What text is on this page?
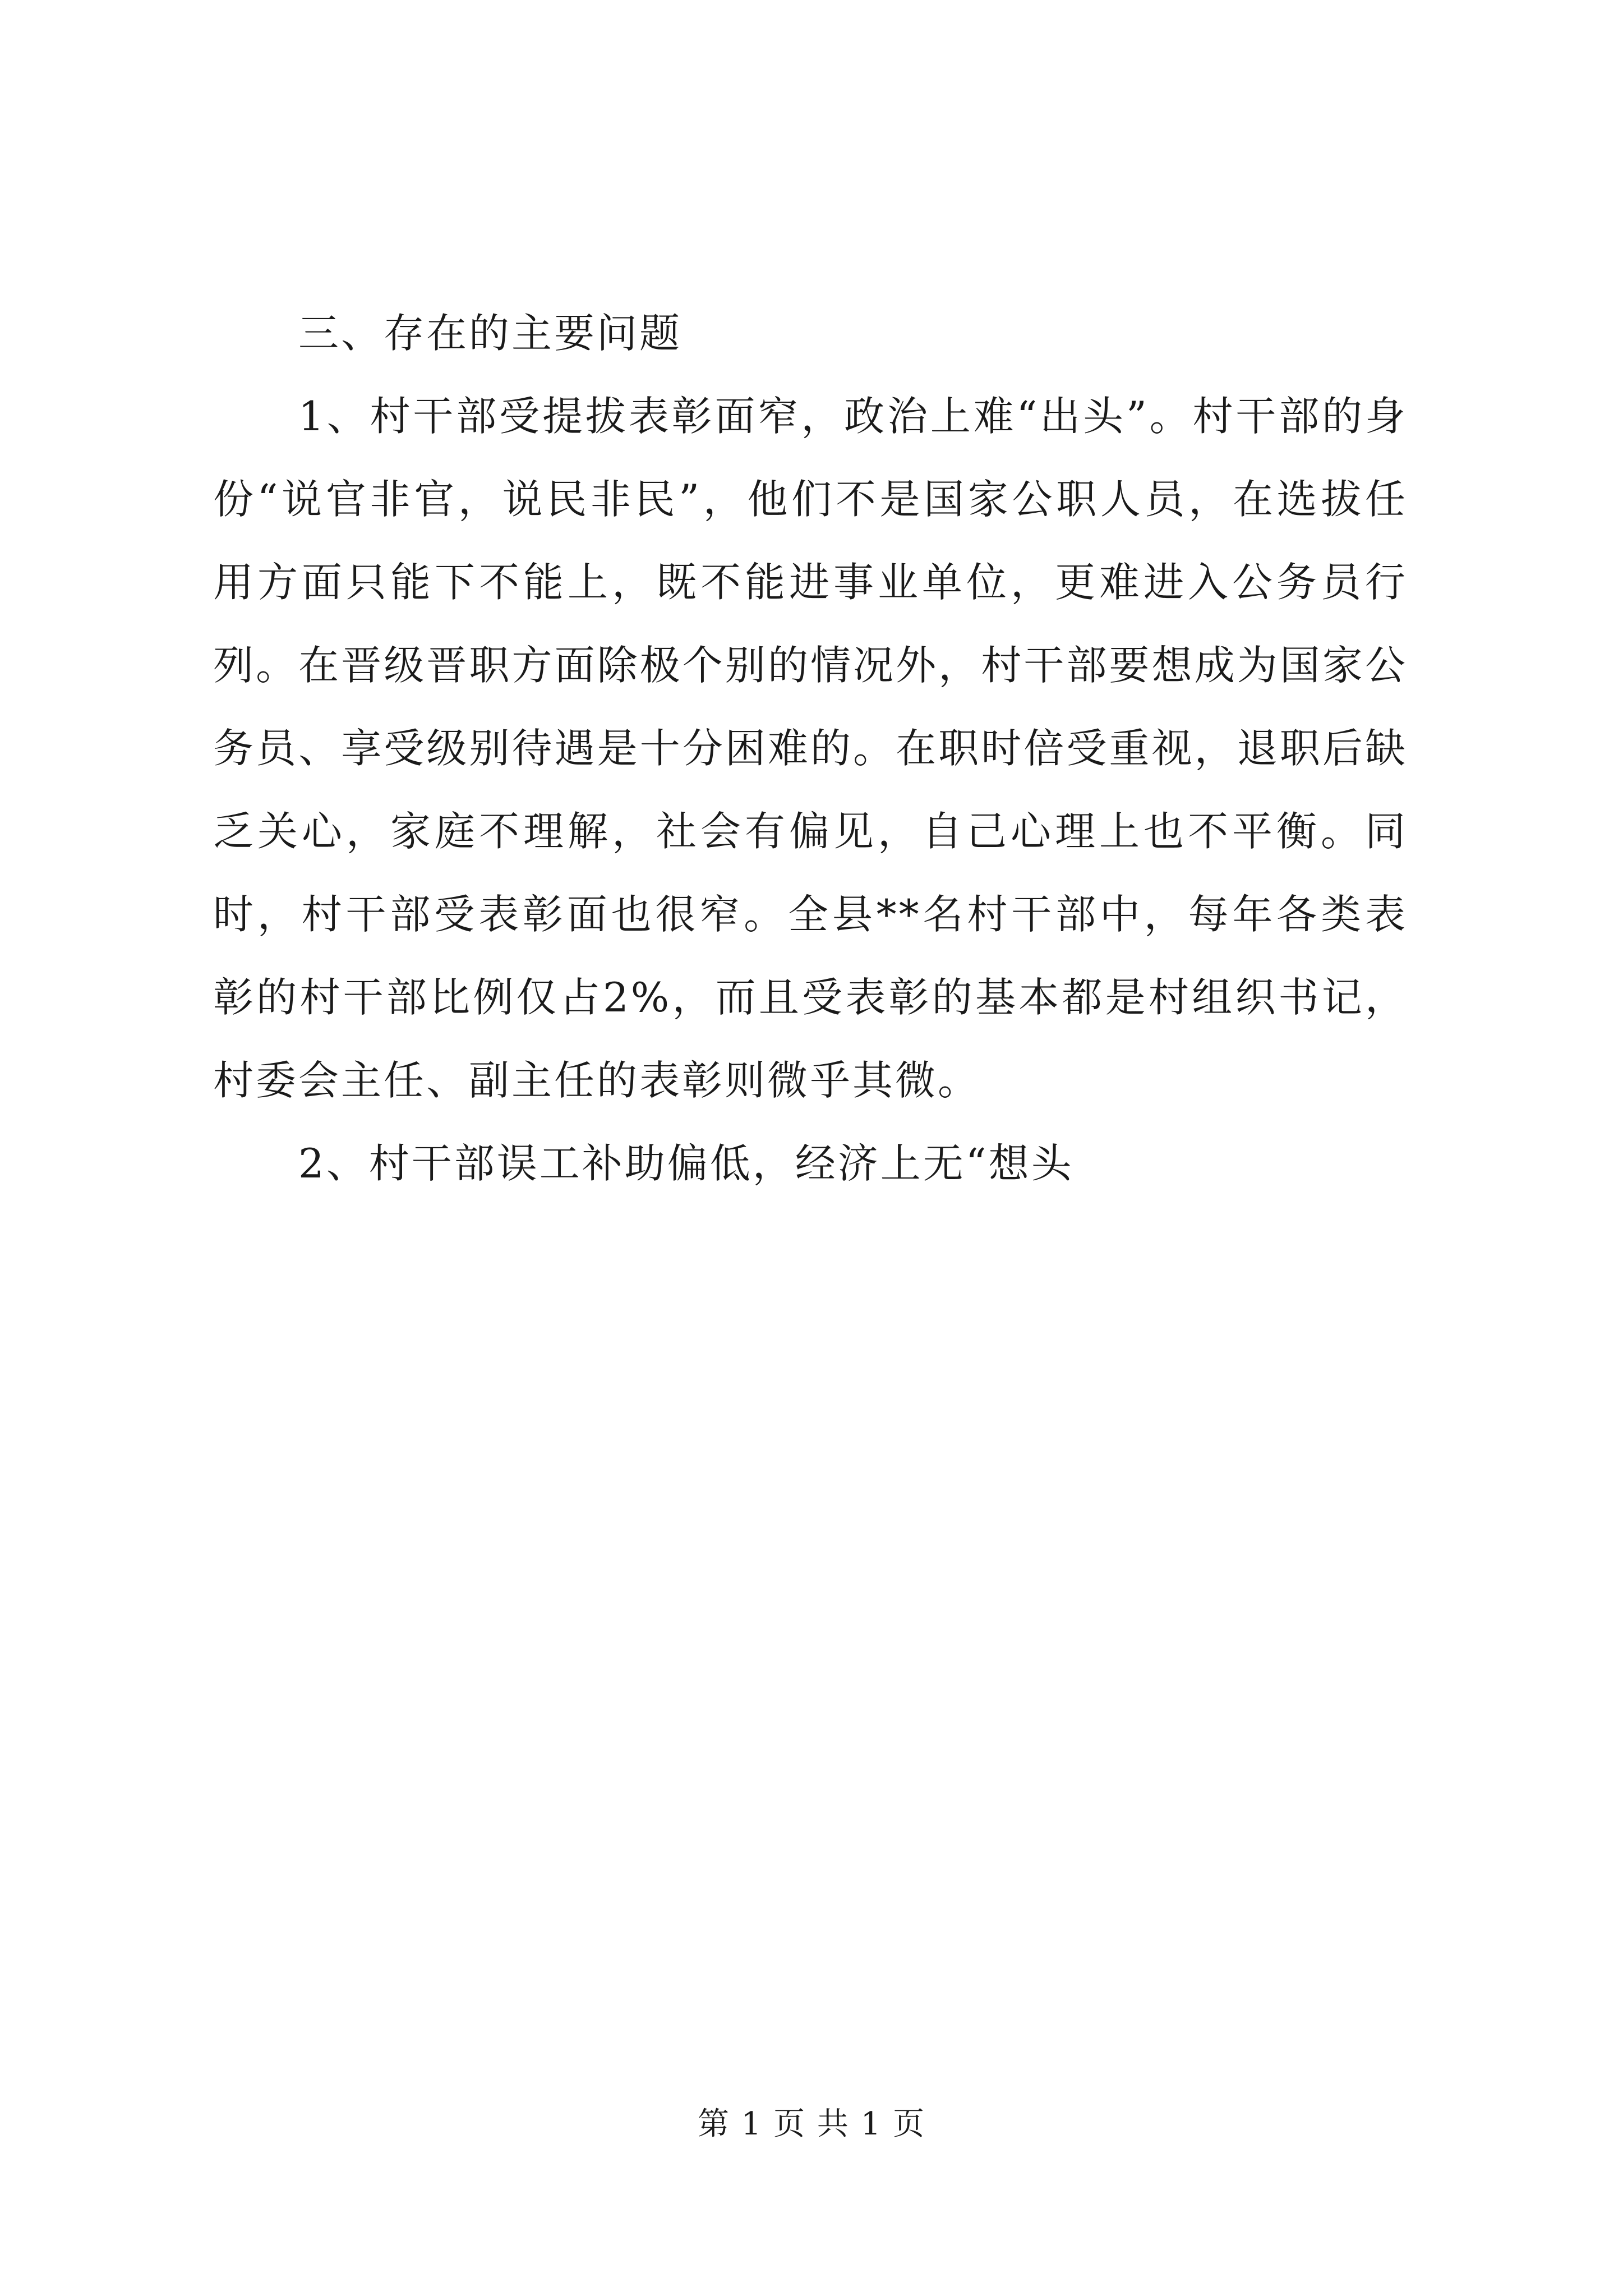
三、存在的主要问题

1、村干部受提拔表彰面窄，政治上难“出头”。村干部的身份“说官非官，说民非民”，他们不是国家公职人员，在选拔任用方面只能下不能上，既不能进事业单位，更难进入公务员行列。在晋级晋职方面除极个别的情况外，村干部要想成为国家公务员、享受级别待遇是十分困难的。在职时倍受重视，退职后缺乏关心，家庭不理解，社会有偏见，自己心理上也不平衡。同时，村干部受表彰面也很窄。全县**名村干部中，每年各类表彰的村干部比例仅占2%，而且受表彰的基本都是村组织书记，村委会主任、副主任的表彰则微乎其微。

2、村干部误工补助偏低，经济上无“想头

第 1 页 共 1 页
